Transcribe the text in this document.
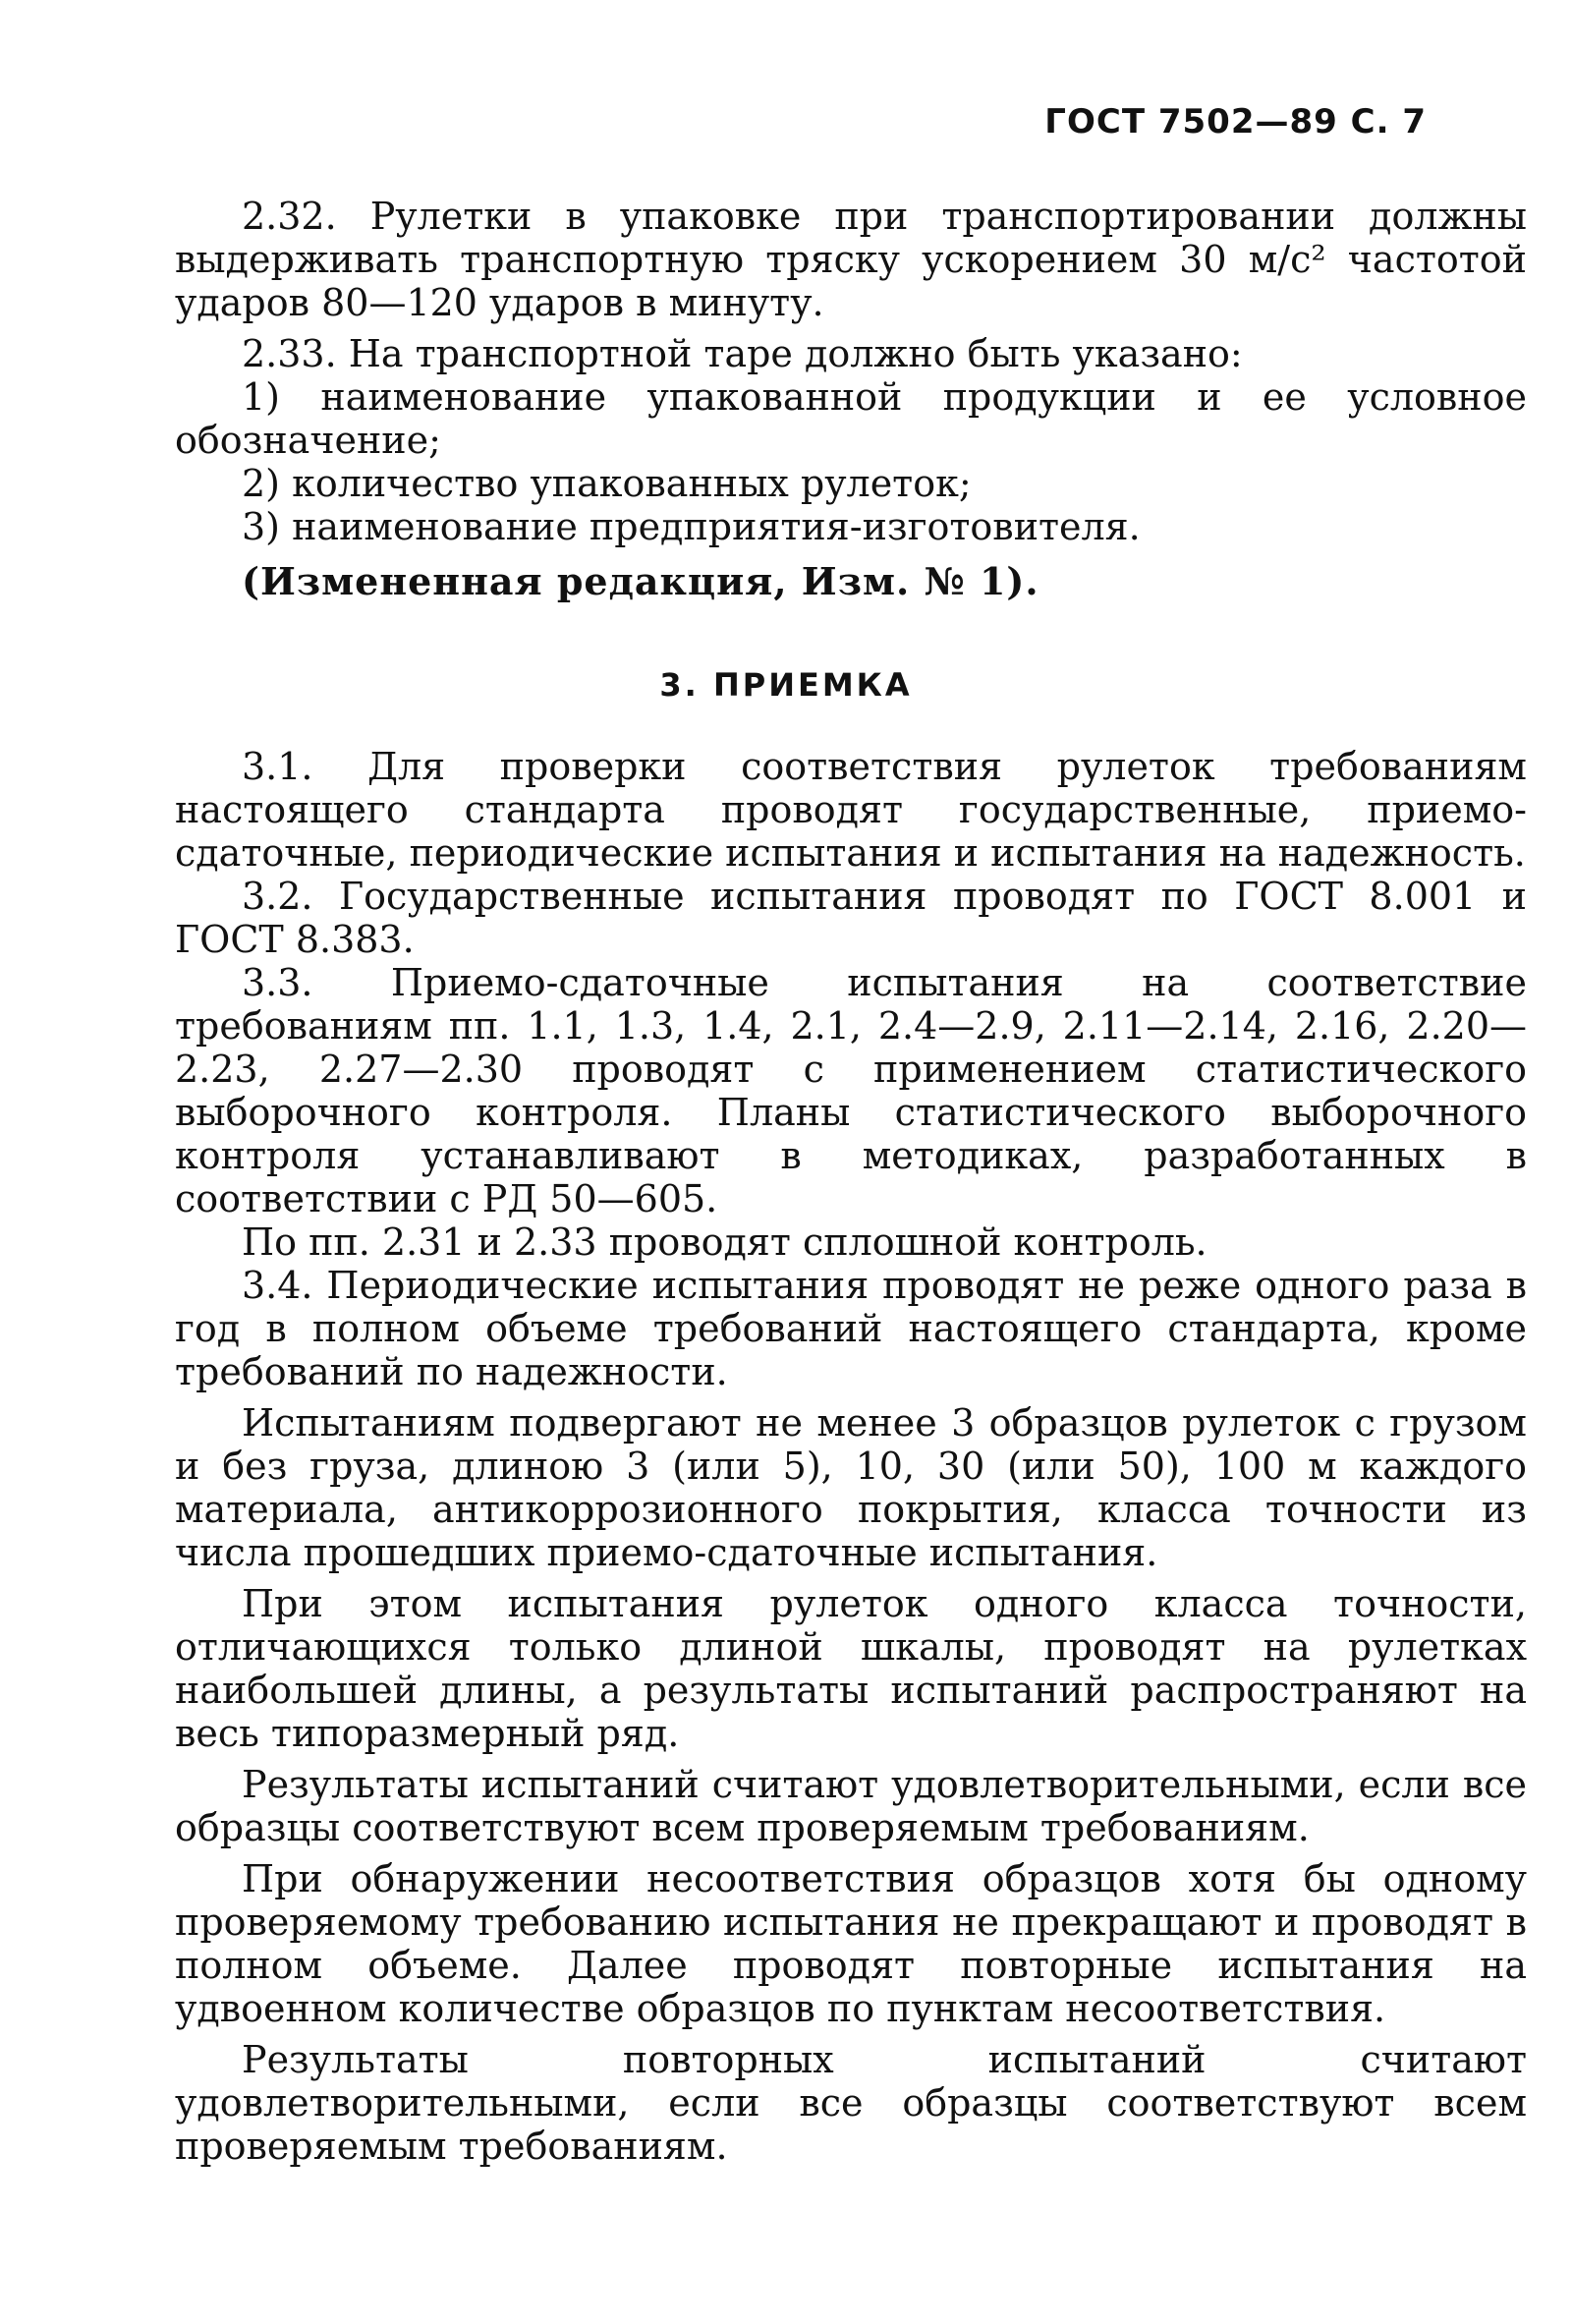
ГОСТ 7502—89 С. 7

2.32. Рулетки в упаковке при транспортировании должны выдерживать транспортную тряску ускорением 30 м/с² частотой ударов 80—120 ударов в минуту.

2.33. На транспортной таре должно быть указано:

1) наименование упакованной продукции и ее условное обозначение;

2) количество упакованных рулеток;

3) наименование предприятия-изготовителя.

(Измененная редакция, Изм. № 1).

3. ПРИЕМКА

3.1. Для проверки соответствия рулеток требованиям настоящего стандарта проводят государственные, приемо-сдаточные, периодические испытания и испытания на надежность.

3.2. Государственные испытания проводят по ГОСТ 8.001 и ГОСТ 8.383.

3.3. Приемо-сдаточные испытания на соответствие требованиям пп. 1.1, 1.3, 1.4, 2.1, 2.4—2.9, 2.11—2.14, 2.16, 2.20—2.23, 2.27—2.30 проводят с применением статистического выборочного контроля. Планы статистического выборочного контроля устанавливают в методиках, разработанных в соответствии с РД 50—605.

По пп. 2.31 и 2.33 проводят сплошной контроль.

3.4. Периодические испытания проводят не реже одного раза в год в полном объеме требований настоящего стандарта, кроме требований по надежности.

Испытаниям подвергают не менее 3 образцов рулеток с грузом и без груза, длиною 3 (или 5), 10, 30 (или 50), 100 м каждого материала, антикоррозионного покрытия, класса точности из числа прошедших приемо-сдаточные испытания.

При этом испытания рулеток одного класса точности, отличающихся только длиной шкалы, проводят на рулетках наибольшей длины, а результаты испытаний распространяют на весь типоразмерный ряд.

Результаты испытаний считают удовлетворительными, если все образцы соответствуют всем проверяемым требованиям.

При обнаружении несоответствия образцов хотя бы одному проверяемому требованию испытания не прекращают и проводят в полном объеме. Далее проводят повторные испытания на удвоенном количестве образцов по пунктам несоответствия.

Результаты повторных испытаний считают удовлетворительными, если все образцы соответствуют всем проверяемым требованиям.
